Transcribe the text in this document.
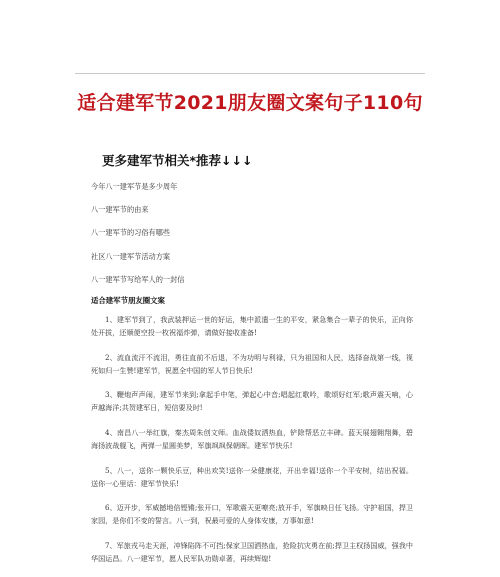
适合建军节2021朋友圈文案句子110句
更多建军节相关*推荐↓↓↓
今年八一建军节是多少周年
八一建军节的由来
八一建军节的习俗有哪些
社区八一建军节活动方案
八一建军节写给军人的一封信
适合建军节朋友圈文案

1、建军节到了，我武装押运一世的好运，集中派遣一生的平安，紧急集合一辈子的快乐，正向你处开拔，还顺便空投一枚祝福炸弹，请做好接收准备!

2、流血流汗不流泪，勇往直前不后退，不为功明与利禄，只为祖国和人民，选择奋战第一线，视死如归一生赞!建军节，祝愿全中国的军人节日快乐!

3、鞭炮声声闹，建军节来到;拿起手中笔，弹起心中音;唱起红歌吟，歌颂好红军;歌声震天响，心声越海洋;共贺建军日，短信要及时!

4、南昌八一举红旗，秦杰周朱创文师。血战倭奴洒热血，铲除帮恶立丰碑。蓝天展翅翱翔舞，碧海扬波战舰飞，两弹一星圆美梦，军旗飒飒保朝晖。建军节快乐!

5、八一，送你一颗快乐豆，种出欢笑!送你一朵健康花，开出幸福!送你一个平安树，结出祝福。送你一心里话：建军节快乐!

6、迈开步，军威撼地倍铿锵;张开口，军歌震天更嘹亮;放开手，军旗映日任飞扬。守护祖国，捍卫家园，是你们不变的誓言。八一到，祝最可爱的人身体安康，万事如意!

7、军旅戎马走天涯，冲锋陷阵不可挡;保家卫国洒热血，抢险抗灾勇在前;捍卫主权扬国威，强我中华国运昌。八一建军节，愿人民军队功勋卓著，再续辉煌!
